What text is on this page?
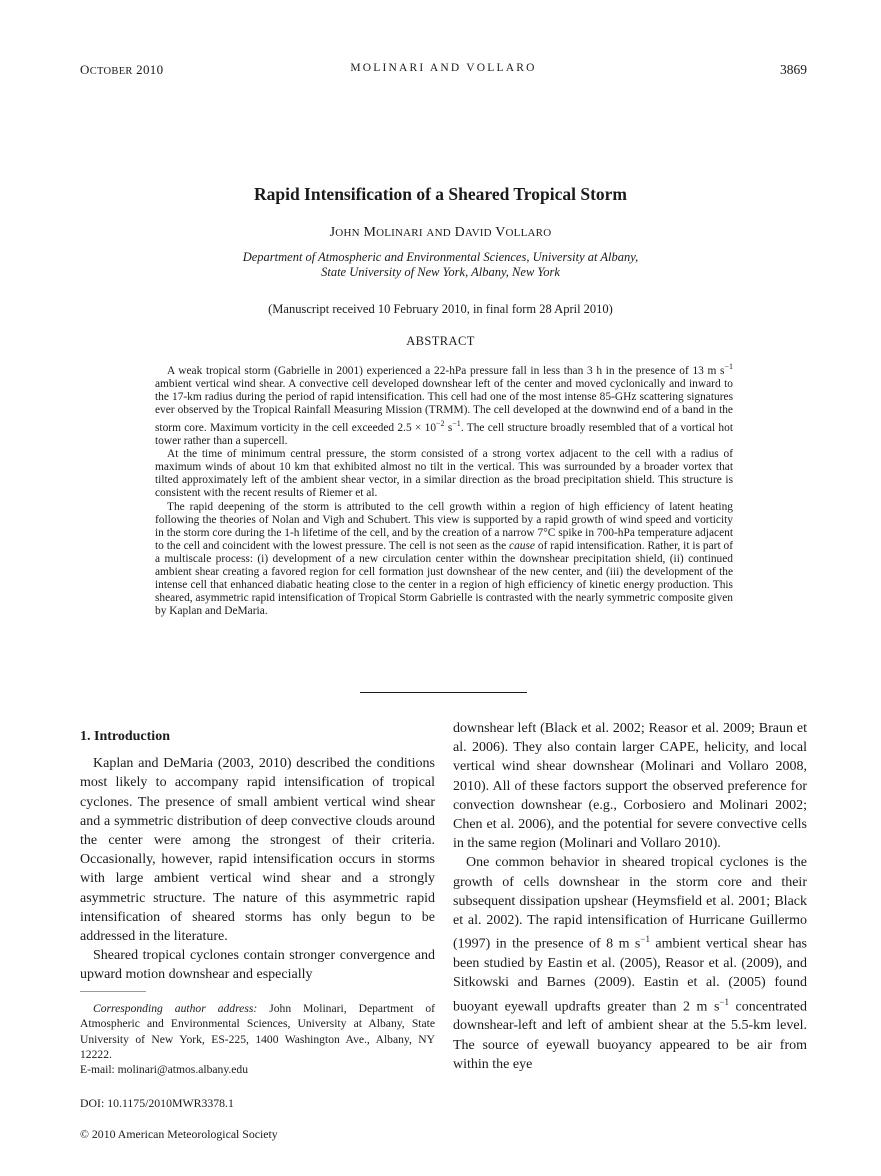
OCTOBER 2010	MOLINARI AND VOLLARO	3869
Rapid Intensification of a Sheared Tropical Storm
JOHN MOLINARI AND DAVID VOLLARO
Department of Atmospheric and Environmental Sciences, University at Albany,
State University of New York, Albany, New York
(Manuscript received 10 February 2010, in final form 28 April 2010)
ABSTRACT

A weak tropical storm (Gabrielle in 2001) experienced a 22-hPa pressure fall in less than 3 h in the presence of 13 m $s^{-1}$ ambient vertical wind shear. A convective cell developed downshear left of the center and moved cyclonically and inward to the 17-km radius during the period of rapid intensification. This cell had one of the most intense 85-GHz scattering signatures ever observed by the Tropical Rainfall Measuring Mission (TRMM). The cell developed at the downwind end of a band in the storm core. Maximum vorticity in the cell exceeded $2.5 \times 10^{-2}$ $s^{-1}$. The cell structure broadly resembled that of a vortical hot tower rather than a supercell.

At the time of minimum central pressure, the storm consisted of a strong vortex adjacent to the cell with a radius of maximum winds of about 10 km that exhibited almost no tilt in the vertical. This was surrounded by a broader vortex that tilted approximately left of the ambient shear vector, in a similar direction as the broad precipitation shield. This structure is consistent with the recent results of Riemer et al.

The rapid deepening of the storm is attributed to the cell growth within a region of high efficiency of latent heating following the theories of Nolan and Vigh and Schubert. This view is supported by a rapid growth of wind speed and vorticity in the storm core during the 1-h lifetime of the cell, and by the creation of a narrow 7°C spike in 700-hPa temperature adjacent to the cell and coincident with the lowest pressure. The cell is not seen as the cause of rapid intensification. Rather, it is part of a multiscale process: (i) development of a new circulation center within the downshear precipitation shield, (ii) continued ambient shear creating a favored region for cell formation just downshear of the new center, and (iii) the development of the intense cell that enhanced diabatic heating close to the center in a region of high efficiency of kinetic energy production. This sheared, asymmetric rapid intensification of Tropical Storm Gabrielle is contrasted with the nearly symmetric composite given by Kaplan and DeMaria.

1. Introduction

Kaplan and DeMaria (2003, 2010) described the conditions most likely to accompany rapid intensification of tropical cyclones. The presence of small ambient vertical wind shear and a symmetric distribution of deep convective clouds around the center were among the strongest of their criteria. Occasionally, however, rapid intensification occurs in storms with large ambient vertical wind shear and a strongly asymmetric structure. The nature of this asymmetric rapid intensification of sheared storms has only begun to be addressed in the literature.

Sheared tropical cyclones contain stronger convergence and upward motion downshear and especially

Corresponding author address: John Molinari, Department of Atmospheric and Environmental Sciences, University at Albany, State University of New York, ES-225, 1400 Washington Ave., Albany, NY 12222.

E-mail: molinari@atmos.albany.edu

DOI: 10.1175/2010MWR3378.1
© 2010 American Meteorological Society

downshear left (Black et al. 2002; Reasor et al. 2009; Braun et al. 2006). They also contain larger CAPE, helicity, and local vertical wind shear downshear (Molinari and Vollaro 2008, 2010). All of these factors support the observed preference for convection downshear (e.g., Corbosiero and Molinari 2002; Chen et al. 2006), and the potential for severe convective cells in the same region (Molinari and Vollaro 2010).

One common behavior in sheared tropical cyclones is the growth of cells downshear in the storm core and their subsequent dissipation upshear (Heymsfield et al. 2001; Black et al. 2002). The rapid intensification of Hurricane Guillermo (1997) in the presence of 8 m $s^{-1}$ ambient vertical shear has been studied by Eastin et al. (2005), Reasor et al. (2009), and Sitkowski and Barnes (2009). Eastin et al. (2005) found buoyant eyewall updrafts greater than 2 m $s^{-1}$ concentrated downshear-left and left of ambient shear at the 5.5-km level. The source of eyewall buoyancy appeared to be air from within the eye
